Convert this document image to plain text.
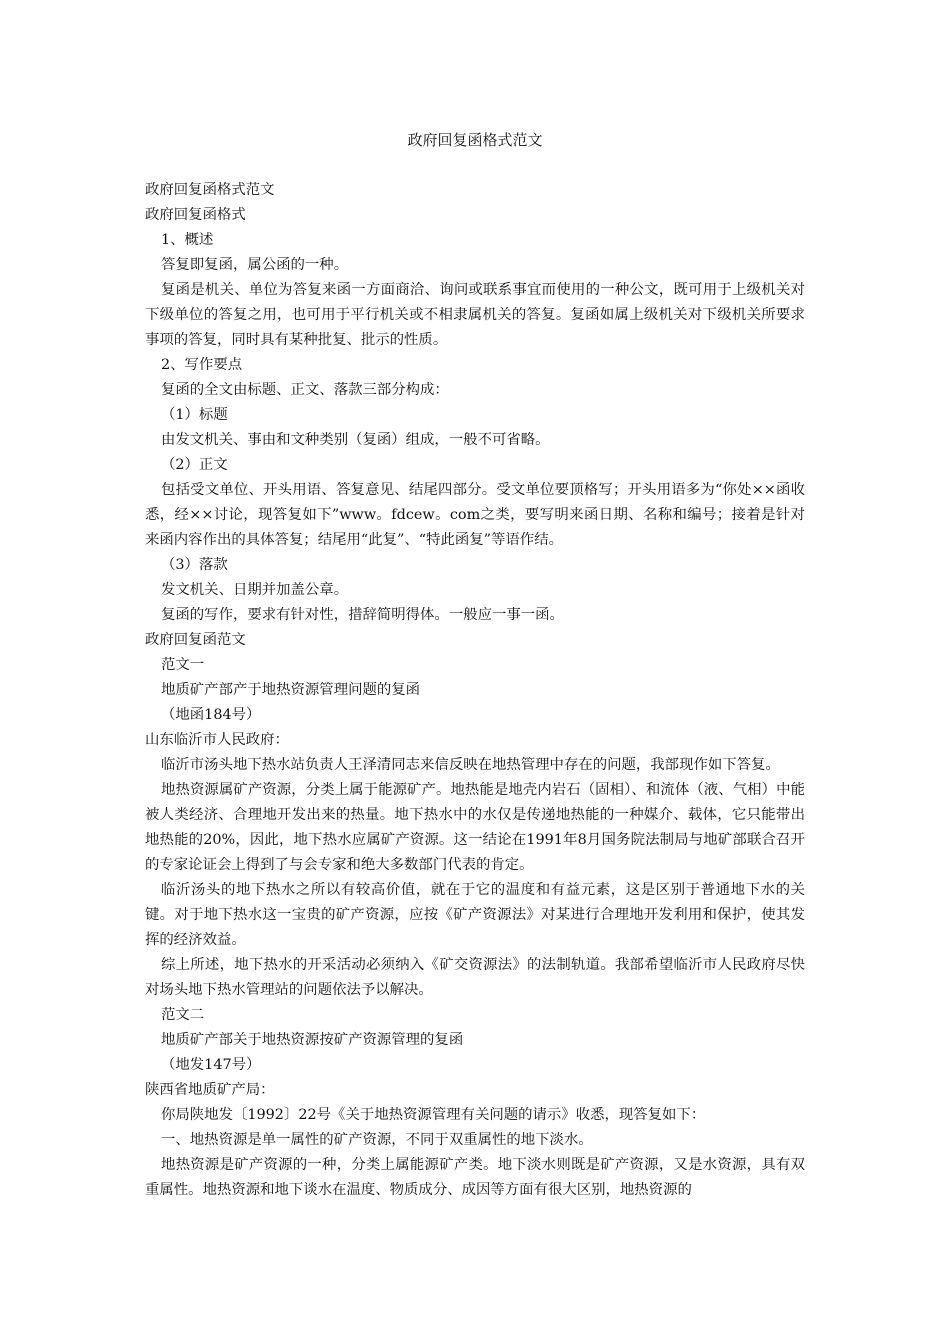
政府回复函格式范文

政府回复函格式范文

政府回复函格式

1、概述

答复即复函，属公函的一种。

复函是机关、单位为答复来函一方面商洽、询问或联系事宜而使用的一种公文，既可用于上级机关对下级单位的答复之用，也可用于平行机关或不相隶属机关的答复。复函如属上级机关对下级机关所要求事项的答复，同时具有某种批复、批示的性质。

2、写作要点

复函的全文由标题、正文、落款三部分构成：

（1）标题

由发文机关、事由和文种类别（复函）组成，一般不可省略。

（2）正文

包括受文单位、开头用语、答复意见、结尾四部分。受文单位要顶格写；开头用语多为“你处××函收悉，经××讨论，现答复如下”www。fdcew。com之类，要写明来函日期、名称和编号；接着是针对来函内容作出的具体答复；结尾用“此复”、“特此函复”等语作结。

（3）落款

发文机关、日期并加盖公章。

复函的写作，要求有针对性，措辞简明得体。一般应一事一函。

政府回复函范文

范文一

地质矿产部产于地热资源管理问题的复函

（地函184号）

山东临沂市人民政府：

临沂市汤头地下热水站负责人王泽清同志来信反映在地热管理中存在的问题，我部现作如下答复。

地热资源属矿产资源，分类上属于能源矿产。地热能是地壳内岩石（固相）、和流体（液、气相）中能被人类经济、合理地开发出来的热量。地下热水中的水仅是传递地热能的一种媒介、载体，它只能带出地热能的20%，因此，地下热水应属矿产资源。这一结论在1991年8月国务院法制局与地矿部联合召开的专家论证会上得到了与会专家和绝大多数部门代表的肯定。

临沂汤头的地下热水之所以有较高价值，就在于它的温度和有益元素，这是区别于普通地下水的关键。对于地下热水这一宝贵的矿产资源，应按《矿产资源法》对某进行合理地开发利用和保护，使其发挥的经济效益。

综上所述，地下热水的开采活动必须纳入《矿交资源法》的法制轨道。我部希望临沂市人民政府尽快对场头地下热水管理站的问题依法予以解决。

范文二

地质矿产部关于地热资源按矿产资源管理的复函

（地发147号）

陕西省地质矿产局：

你局陕地发〔1992〕22号《关于地热资源管理有关问题的请示》收悉，现答复如下：

一、地热资源是单一属性的矿产资源，不同于双重属性的地下淡水。

地热资源是矿产资源的一种，分类上属能源矿产类。地下淡水则既是矿产资源，又是水资源，具有双重属性。地热资源和地下谈水在温度、物质成分、成因等方面有很大区别，地热资源的
